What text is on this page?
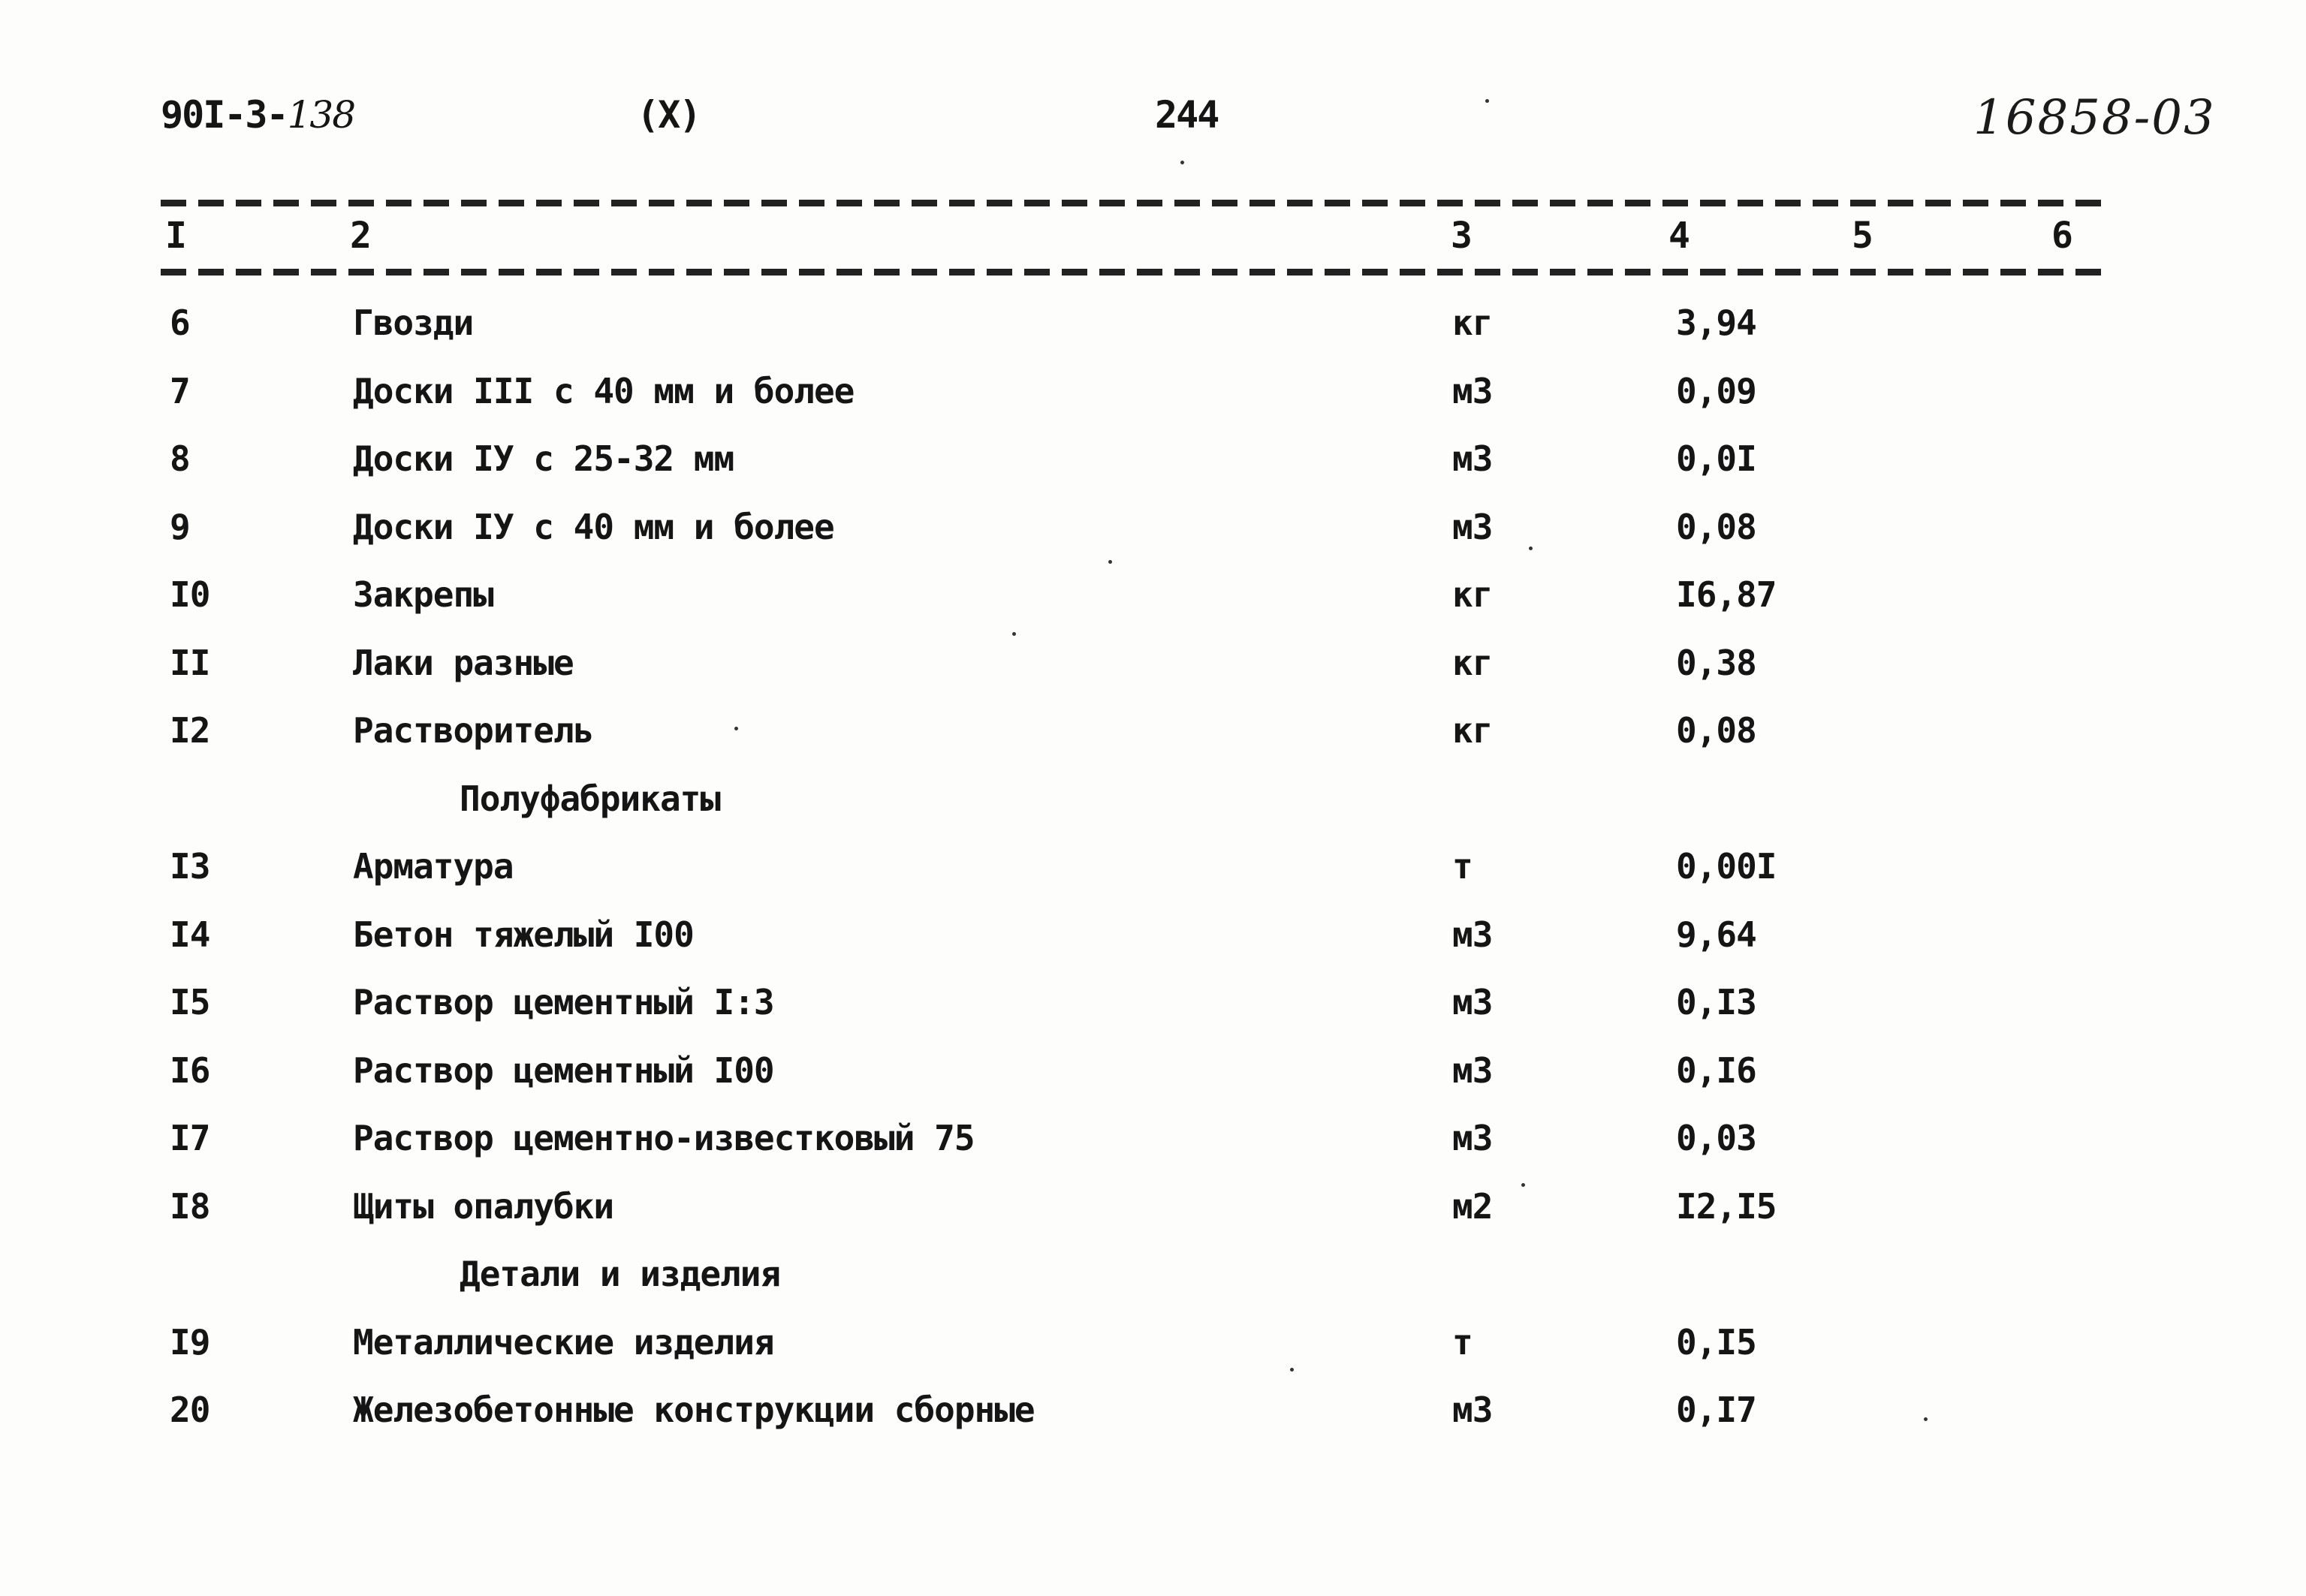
90I-3-138	(X)	244	16858-03
I	2	3	4	5	6
6	Гвозди	кг	3,94
7	Доски III с 40 мм и более	м3	0,09
8	Доски IУ с 25-32 мм	м3	0,0I
9	Доски IУ с 40 мм и более	м3	0,08
I0	Закрепы	кг	I6,87
II	Лаки разные	кг	0,38
I2	Растворитель	кг	0,08
Полуфабрикаты
I3	Арматура	т	0,00I
I4	Бетон тяжелый I00	м3	9,64
I5	Раствор цементный I:3	м3	0,I3
I6	Раствор цементный I00	м3	0,I6
I7	Раствор цементно-известковый 75	м3	0,03
I8	Щиты опалубки	м2	I2,I5
Детали и изделия
I9	Металлические изделия	т	0,I5
20	Железобетонные конструкции сборные	м3	0,I7
